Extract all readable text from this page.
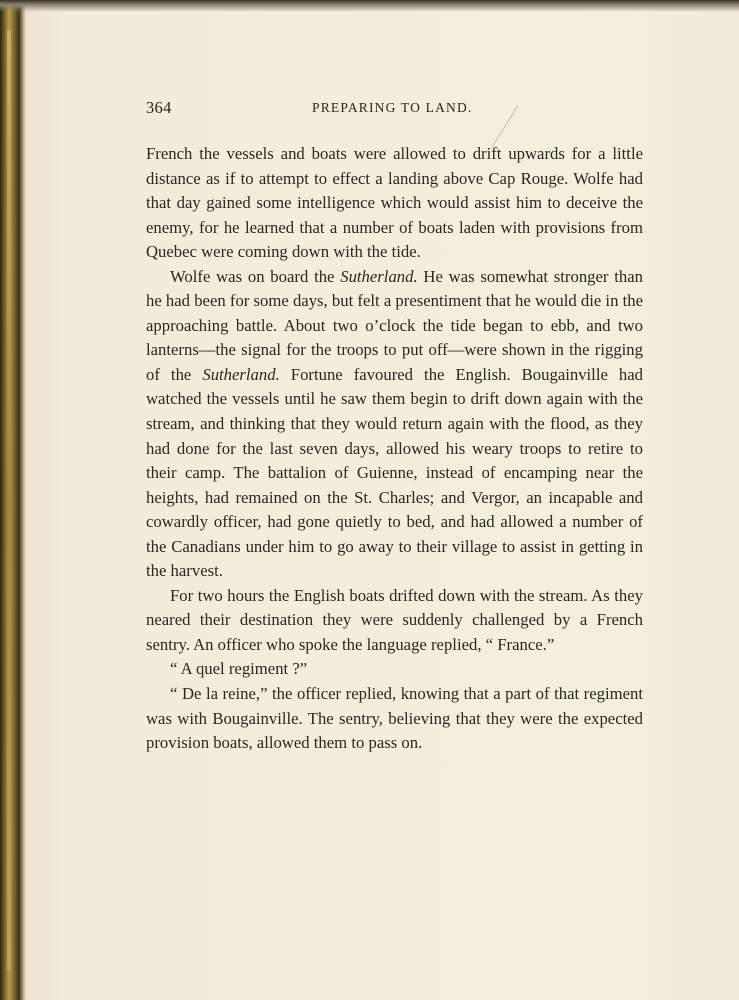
364	PREPARING TO LAND.

French the vessels and boats were allowed to drift upwards for a little distance as if to attempt to effect a landing above Cap Rouge. Wolfe had that day gained some intelligence which would assist him to deceive the enemy, for he learned that a number of boats laden with provisions from Quebec were coming down with the tide.

Wolfe was on board the Sutherland. He was somewhat stronger than he had been for some days, but felt a presentiment that he would die in the approaching battle. About two o’clock the tide began to ebb, and two lanterns—the signal for the troops to put off—were shown in the rigging of the Sutherland. Fortune favoured the English. Bougainville had watched the vessels until he saw them begin to drift down again with the stream, and thinking that they would return again with the flood, as they had done for the last seven days, allowed his weary troops to retire to their camp. The battalion of Guienne, instead of encamping near the heights, had remained on the St. Charles; and Vergor, an incapable and cowardly officer, had gone quietly to bed, and had allowed a number of the Canadians under him to go away to their village to assist in getting in the harvest.

For two hours the English boats drifted down with the stream. As they neared their destination they were suddenly challenged by a French sentry. An officer who spoke the language replied, “ France.”

“ A quel regiment ?”

“ De la reine,” the officer replied, knowing that a part of that regiment was with Bougainville. The sentry, believing that they were the expected provision boats, allowed them to pass on.
